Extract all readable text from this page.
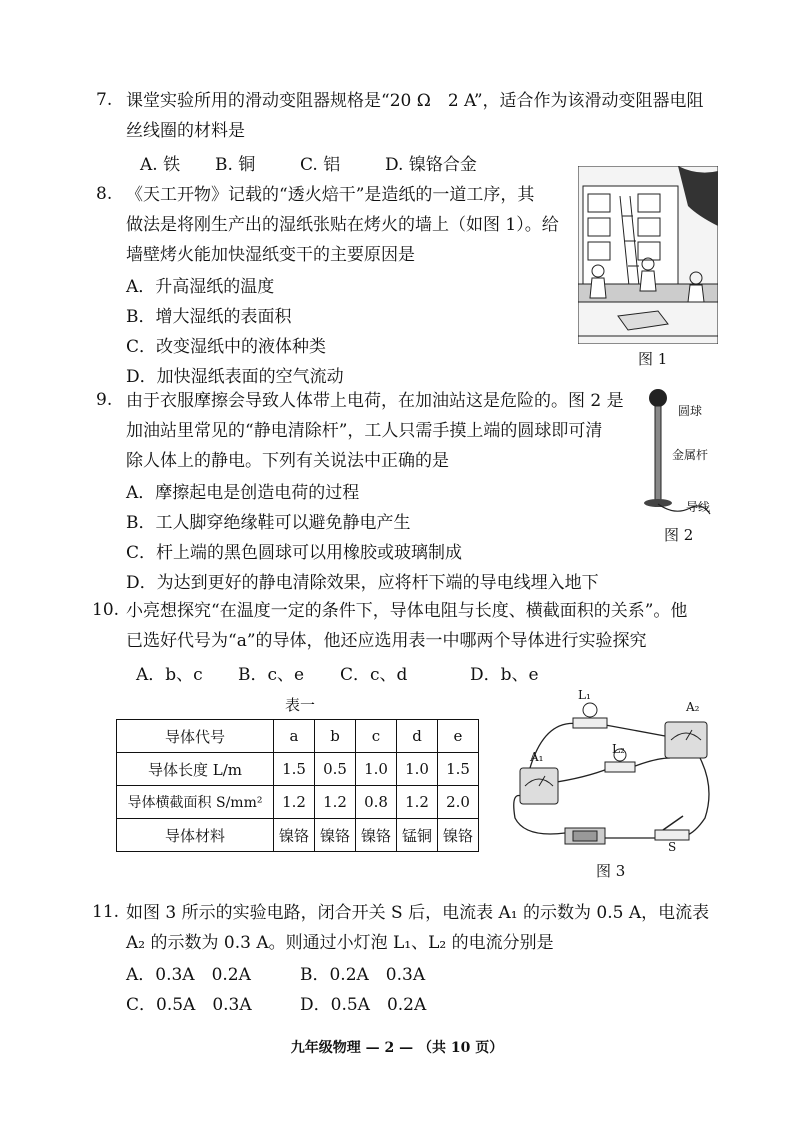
7. 课堂实验所用的滑动变阻器规格是“20 Ω　2 A”，适合作为该滑动变阻器电阻
丝线圈的材料是
A. 铁 B. 铜	C. 铝	D. 镍铬合金
8. 《天工开物》记载的“透火焙干”是造纸的一道工序，其
做法是将刚生产出的湿纸张贴在烤火的墙上（如图 1）。给
墙壁烤火能加快湿纸变干的主要原因是
A．升高湿纸的温度
B．增大湿纸的表面积
C．改变湿纸中的液体种类
D．加快湿纸表面的空气流动
图 1
9. 由于衣服摩擦会导致人体带上电荷，在加油站这是危险的。图 2 是
加油站里常见的“静电清除杆”，工人只需手摸上端的圆球即可清
除人体上的静电。下列有关说法中正确的是
A．摩擦起电是创造电荷的过程
B．工人脚穿绝缘鞋可以避免静电产生
C．杆上端的黑色圆球可以用橡胶或玻璃制成
D．为达到更好的静电清除效果，应将杆下端的导电线埋入地下
圆球
金属杆
导线
图 2
10. 小亮想探究“在温度一定的条件下，导体电阻与长度、横截面积的关系”。他
已选好代号为“a”的导体，他还应选用表一中哪两个导体进行实验探究
A．b、c B．c、e C．c、d	D．b、e
表一
导体代号	a	b	c	d	e
导体长度 L/m	1.5	0.5	1.0	1.0	1.5
导体横截面积 S/mm²	1.2	1.2	0.8	1.2	2.0
导体材料	镍铬	镍铬	镍铬	锰铜	镍铬
L₁
L₂
A₁
A₂
S
图 3
11. 如图 3 所示的实验电路，闭合开关 S 后，电流表 A₁ 的示数为 0.5 A，电流表
A₂ 的示数为 0.3 A。则通过小灯泡 L₁、L₂ 的电流分别是
A．0.3A　0.2A	B．0.2A　0.3A
C．0.5A　0.3A	D．0.5A　0.2A
九年级物理 — 2 — （共 10 页）
